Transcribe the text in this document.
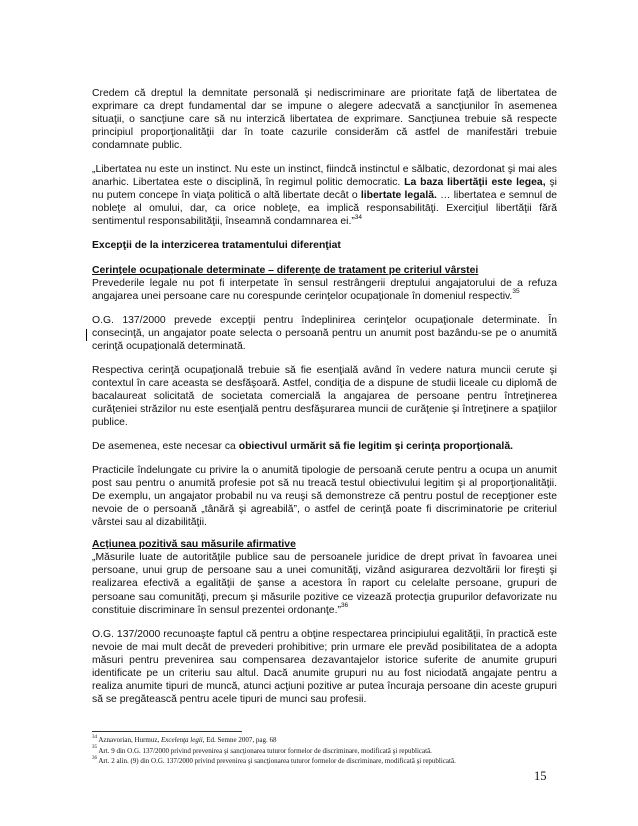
Credem că dreptul la demnitate personală şi nediscriminare are prioritate faţă de libertatea de exprimare ca drept fundamental dar se impune o alegere adecvată a sancţiunilor în asemenea situaţii, o sancţiune care să nu interzică libertatea de exprimare. Sancţiunea trebuie să respecte principiul proporţionalităţii dar în toate cazurile considerăm că astfel de manifestări trebuie condamnate public.

„Libertatea nu este un instinct. Nu este un instinct, fiindcă instinctul e sălbatic, dezordonat şi mai ales anarhic. Libertatea este o disciplină, în regimul politic democratic. La baza libertăţii este legea, şi nu putem concepe în viaţa politică o altă libertate decât o libertate legală. … libertatea e semnul de nobleţe al omului, dar, ca orice nobleţe, ea implică responsabilitāţi. Exerciţiul libertăţii fără sentimentul responsabilităţii, înseamnă condamnarea ei.”$^{34}$

Excepţii de la interzicerea tratamentului diferenţiat

Cerinţele ocupaţionale determinate – diferenţe de tratament pe criteriul vârstei

Prevederile legale nu pot fi interpetate în sensul restrângerii dreptului angajatorului de a refuza angajarea unei persoane care nu corespunde cerinţelor ocupaţionale în domeniul respectiv.$^{35}$

O.G. 137/2000 prevede excepţii pentru îndeplinirea cerinţelor ocupaţionale determinate. În consecinţă, un angajator poate selecta o persoană pentru un anumit post bazându-se pe o anumită cerinţă ocupaţională determinată.

Respectiva cerinţă ocupaţională trebuie să fie esenţială având în vedere natura muncii cerute şi contextul în care aceasta se desfăşoară. Astfel, condiţia de a dispune de studii liceale cu diplomă de bacalaureat solicitată de societata comercială la angajarea de persoane pentru întreţinerea curăţeniei străzilor nu este esenţială pentru desfăşurarea muncii de curăţenie şi întreţinere a spaţiilor publice.

De asemenea, este necesar ca obiectivul urmărit să fie legitim şi cerinţa proporţională.

Practicile îndelungate cu privire la o anumită tipologie de persoană cerute pentru a ocupa un anumit post sau pentru o anumită profesie pot să nu treacă testul obiectivului legitim şi al proporţionalităţii. De exemplu, un angajator probabil nu va reuşi să demonstreze că pentru postul de recepţioner este nevoie de o persoană „tânără şi agreabilă”, o astfel de cerinţă poate fi discriminatorie pe criteriul vârstei sau al dizabilităţii.

Acţiunea pozitivă sau măsurile afirmative

„Măsurile luate de autorităţile publice sau de persoanele juridice de drept privat în favoarea unei persoane, unui grup de persoane sau a unei comunităţi, vizând asigurarea dezvoltării lor fireşti şi realizarea efectivă a egalităţii de şanse a acestora în raport cu celelalte persoane, grupuri de persoane sau comunităţi, precum şi măsurile pozitive ce vizează protecţia grupurilor defavorizate nu constituie discriminare în sensul prezentei ordonanţe.”$^{36}$

O.G. 137/2000 recunoaşte faptul că pentru a obţine respectarea principiului egalităţii, în practică este nevoie de mai mult decât de prevederi prohibitive; prin urmare ele prevăd posibilitatea de a adopta măsuri pentru prevenirea sau compensarea dezavantajelor istorice suferite de anumite grupuri identificate pe un criteriu sau altul. Dacă anumite grupuri nu au fost niciodată angajate pentru a realiza anumite tipuri de muncă, atunci acţiuni pozitive ar putea încuraja persoane din aceste grupuri să se pregătească pentru acele tipuri de munci sau profesii.

$^{34}$ Aznavorian, Hurmuz, Excelenţa legii, Ed. Semne 2007, pag. 68
$^{35}$ Art. 9 din O.G. 137/2000 privind prevenirea şi sancţionarea tuturor formelor de discriminare, modificată şi republicată.
$^{36}$ Art. 2 alin. (9) din O.G. 137/2000 privind prevenirea şi sancţionarea tuturor formelor de discriminare, modificată şi republicată.
15
